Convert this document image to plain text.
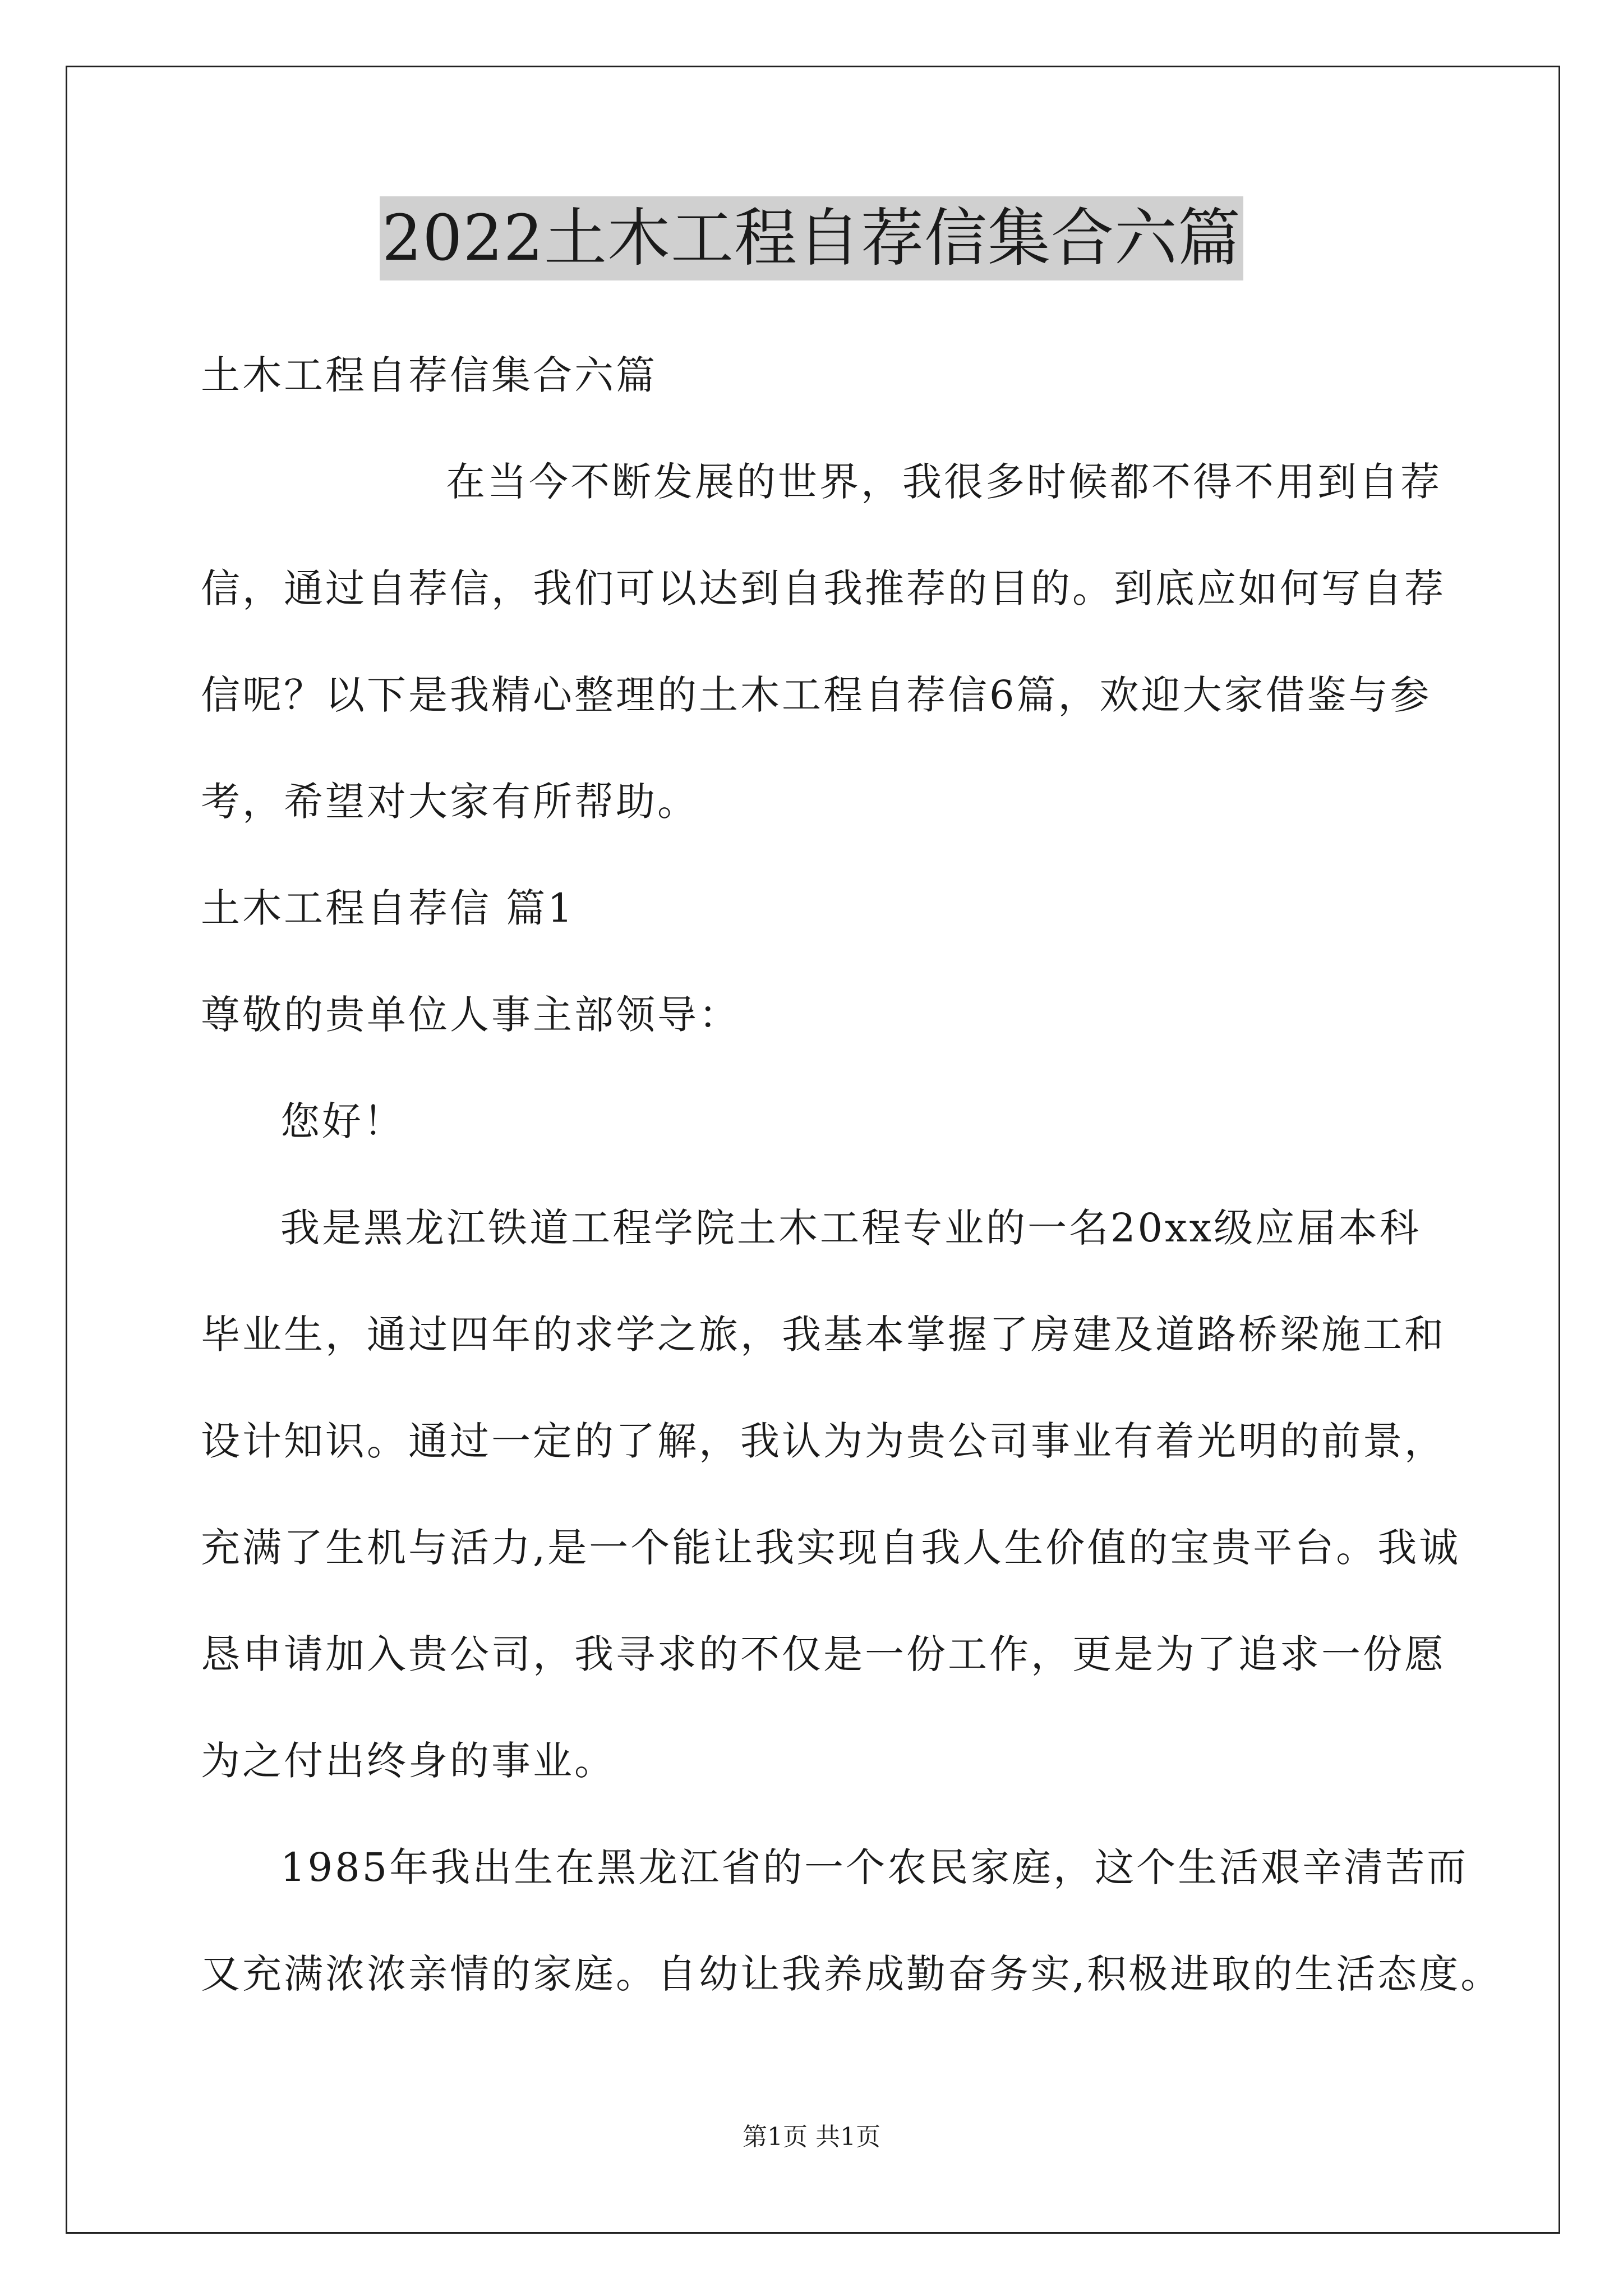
2022土木工程自荐信集合六篇
土木工程自荐信集合六篇
在当今不断发展的世界，我很多时候都不得不用到自荐
信，通过自荐信，我们可以达到自我推荐的目的。到底应如何写自荐
信呢？以下是我精心整理的土木工程自荐信6篇，欢迎大家借鉴与参
考，希望对大家有所帮助。
土木工程自荐信 篇1
尊敬的贵单位人事主部领导：
您好！
我是黑龙江铁道工程学院土木工程专业的一名20xx级应届本科
毕业生，通过四年的求学之旅，我基本掌握了房建及道路桥梁施工和
设计知识。通过一定的了解，我认为为贵公司事业有着光明的前景，
充满了生机与活力,是一个能让我实现自我人生价值的宝贵平台。我诚
恳申请加入贵公司，我寻求的不仅是一份工作，更是为了追求一份愿
为之付出终身的事业。
1985年我出生在黑龙江省的一个农民家庭，这个生活艰辛清苦而
又充满浓浓亲情的家庭。自幼让我养成勤奋务实,积极进取的生活态度。
第1页 共1页
